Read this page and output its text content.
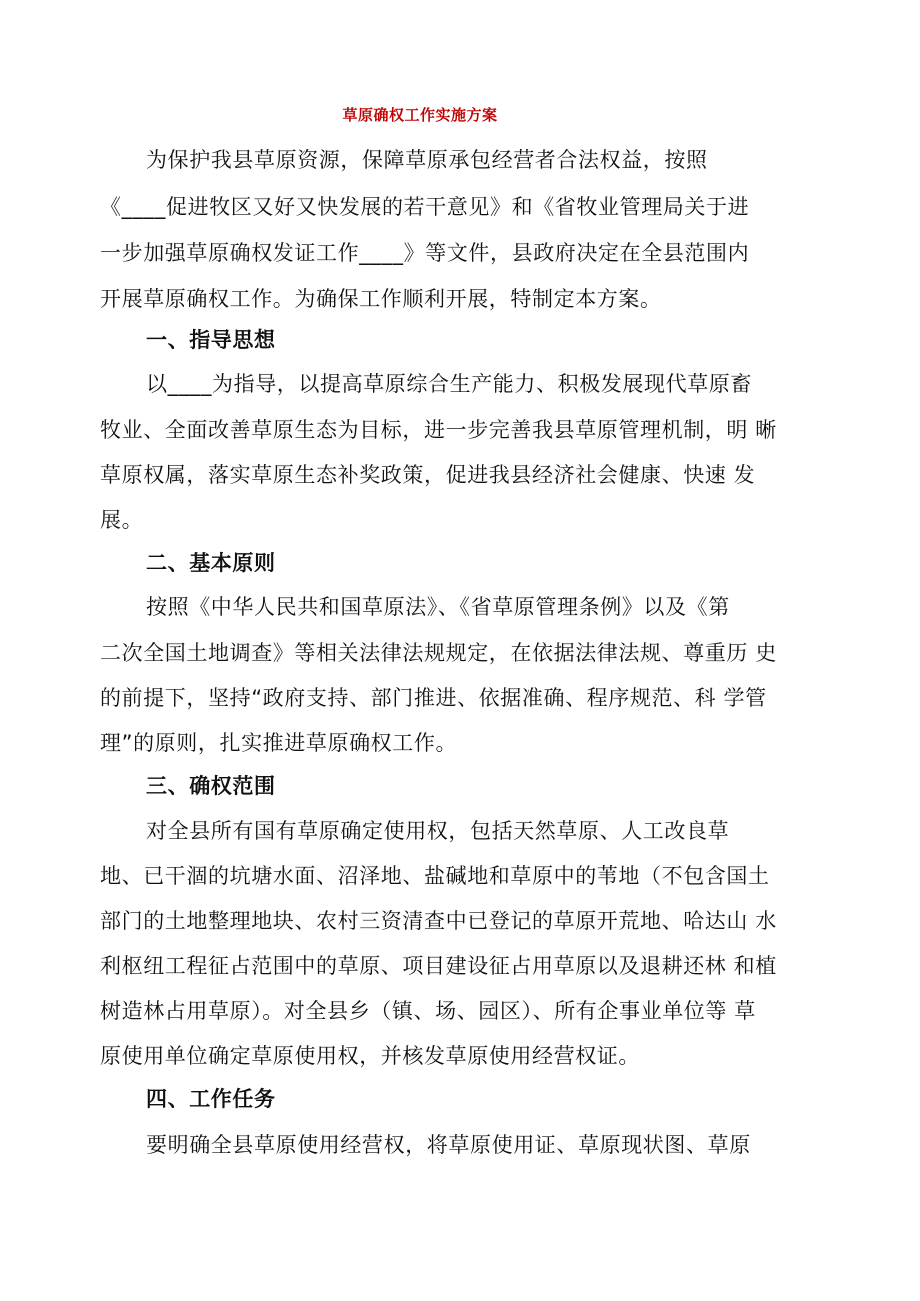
草原确权工作实施方案
为保护我县草原资源，保障草原承包经营者合法权益，按照
《____促进牧区又好又快发展的若干意见》和《省牧业管理局关于进
一步加强草原确权发证工作____》等文件，县政府决定在全县范围内
开展草原确权工作。为确保工作顺利开展，特制定本方案。
一、指导思想
以____为指导，以提高草原综合生产能力、积极发展现代草原畜
牧业、全面改善草原生态为目标，进一步完善我县草原管理机制，明 晰
草原权属，落实草原生态补奖政策，促进我县经济社会健康、快速 发
展。
二、基本原则
按照《中华人民共和国草原法》、《省草原管理条例》以及《第
二次全国土地调查》等相关法律法规规定，在依据法律法规、尊重历 史
的前提下，坚持“政府支持、部门推进、依据准确、程序规范、科 学管
理”的原则，扎实推进草原确权工作。
三、确权范围
对全县所有国有草原确定使用权，包括天然草原、人工改良草
地、已干涸的坑塘水面、沼泽地、盐碱地和草原中的苇地（不包含国土
部门的土地整理地块、农村三资清查中已登记的草原开荒地、哈达山 水
利枢纽工程征占范围中的草原、项目建设征占用草原以及退耕还林 和植
树造林占用草原）。对全县乡（镇、场、园区）、所有企事业单位等 草
原使用单位确定草原使用权，并核发草原使用经营权证。
四、工作任务
要明确全县草原使用经营权，将草原使用证、草原现状图、草原
